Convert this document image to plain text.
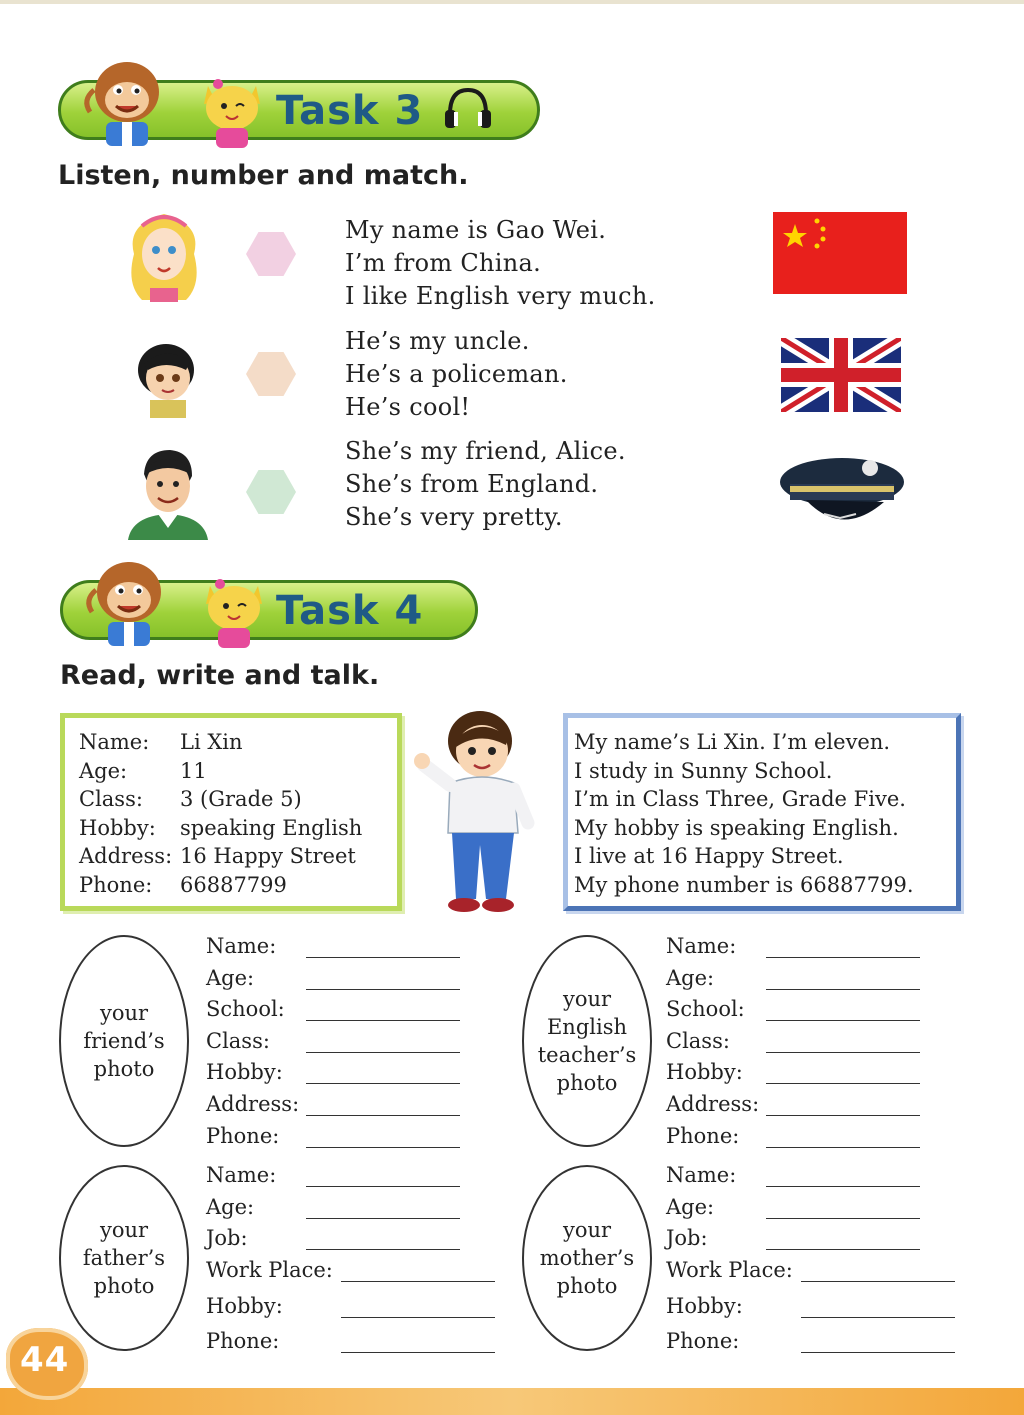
Task 3
Listen, number and match.
My name is Gao Wei.
I’m from China.
I like English very much.
He’s my uncle.
He’s a policeman.
He’s cool!
She’s my friend, Alice.
She’s from England.
She’s very pretty.
Task 4
Read, write and talk.
Name: Li Xin
Age:	11
Class: 3 (Grade 5)
Hobby: speaking English
Address: 16 Happy Street
Phone: 66887799
My name’s Li Xin. I’m eleven.
I study in Sunny School.
I’m in Class Three, Grade Five.
My hobby is speaking English.
I live at 16 Happy Street.
My phone number is 66887799.
your
friend’s
photo
Name:
Age:
School:
Class:
Hobby:
Address:
Phone:
your
English
teacher’s
photo
Name:
Age:
School:
Class:
Hobby:
Address:
Phone:
your
father’s
photo
Name:
Age:
Job:
Work Place:
Hobby:
Phone:
your
mother’s
photo
Name:
Age:
Job:
Work Place:
Hobby:
Phone:
44
